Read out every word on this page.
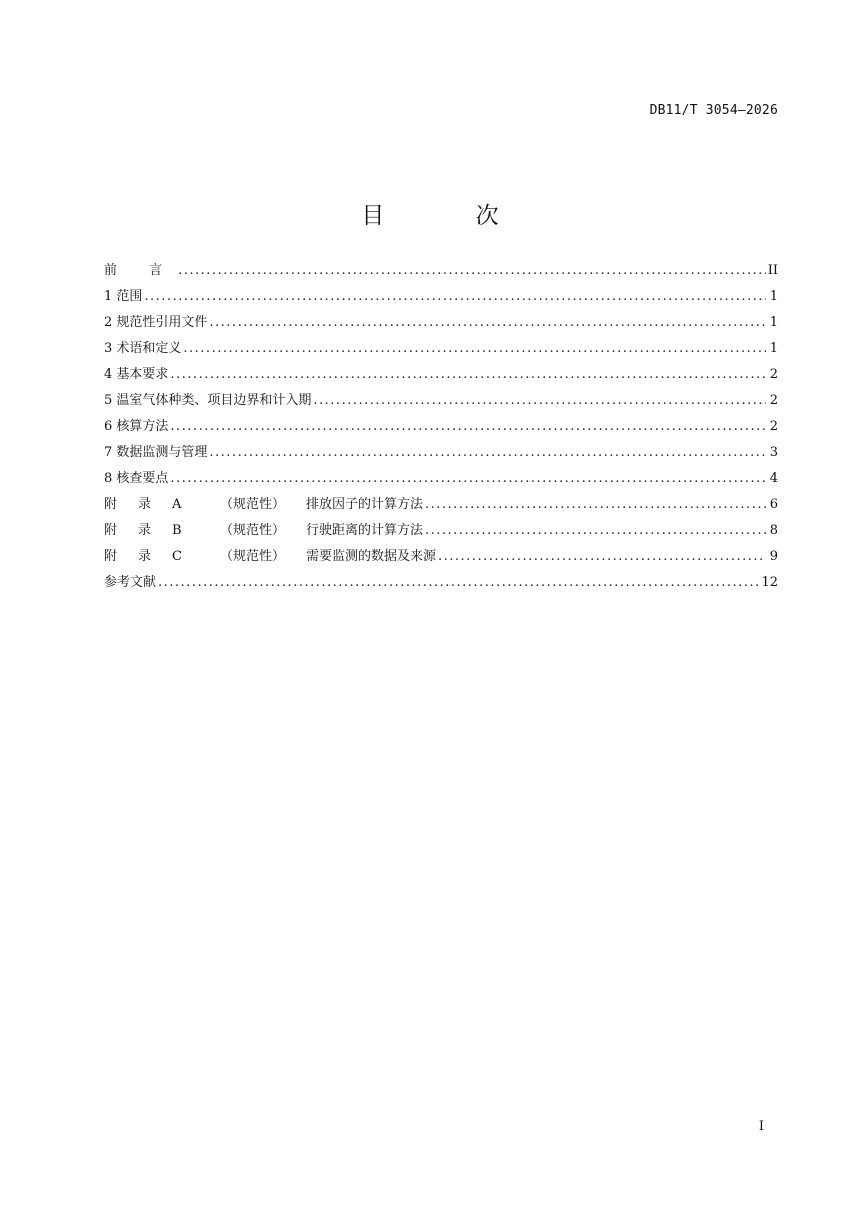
DB11/T 3054—2026
目 次
前 言 .....	II
1 范围 .....	1
2 规范性引用文件 .....	1
3 术语和定义 .....	1
4 基本要求 .....	2
5 温室气体种类、项目边界和计入期 .....	2
6 核算方法 .....	2
7 数据监测与管理 .....	3
8 核查要点 .....	4
附 录 A	（规范性）	排放因子的计算方法 .....	6
附 录 B	（规范性）	行驶距离的计算方法 .....	8
附 录 C	（规范性）	需要监测的数据及来源 .....	9
参考文献 .....	12
I
